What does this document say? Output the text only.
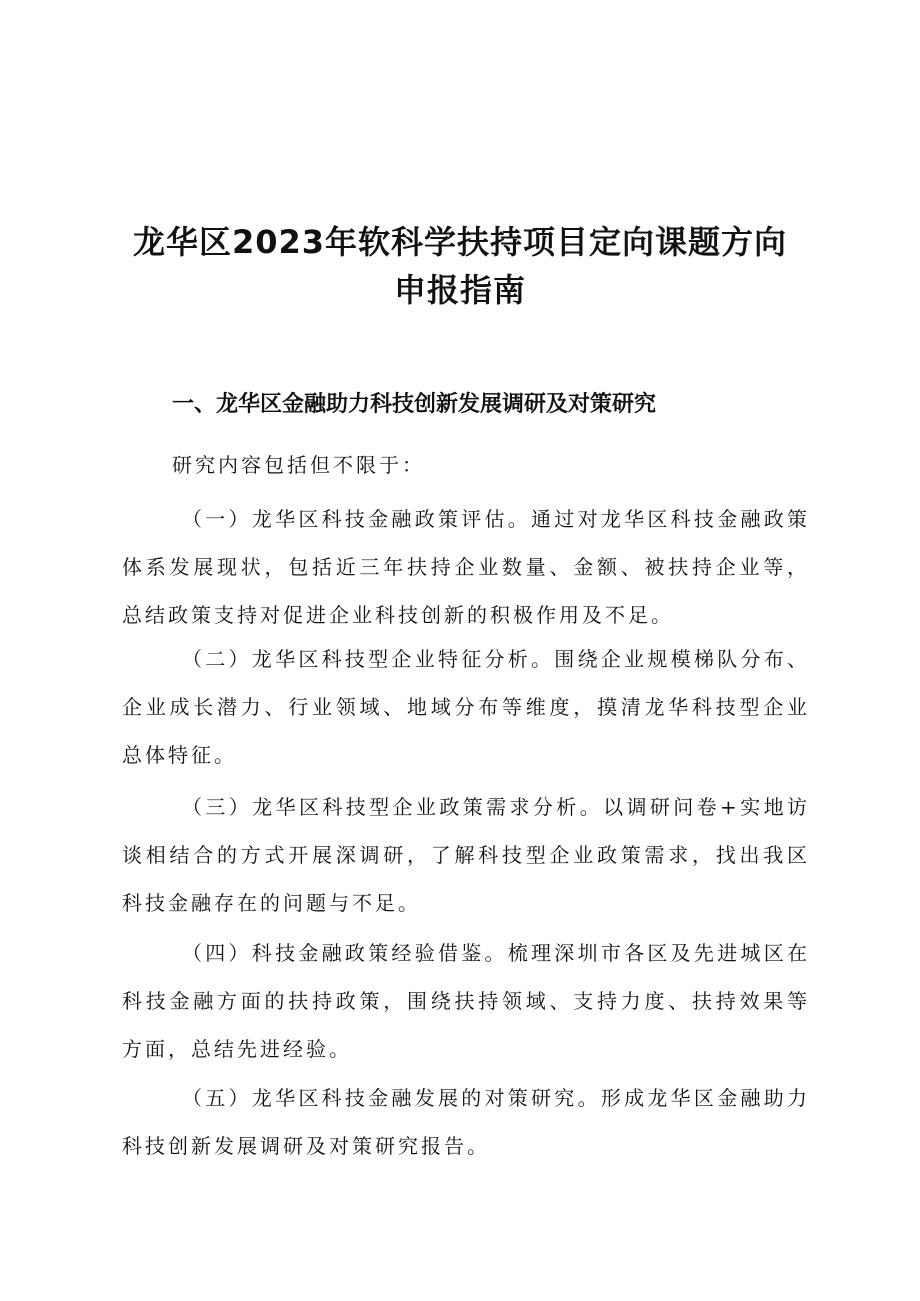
龙华区2023年软科学扶持项目定向课题方向
申报指南
一、龙华区金融助力科技创新发展调研及对策研究
研究内容包括但不限于：
（一）龙华区科技金融政策评估。通过对龙华区科技金融政策体系发展现状，包括近三年扶持企业数量、金额、被扶持企业等，总结政策支持对促进企业科技创新的积极作用及不足。
（二）龙华区科技型企业特征分析。围绕企业规模梯队分布、企业成长潜力、行业领域、地域分布等维度，摸清龙华科技型企业总体特征。
（三）龙华区科技型企业政策需求分析。以调研问卷+实地访谈相结合的方式开展深调研，了解科技型企业政策需求，找出我区科技金融存在的问题与不足。
（四）科技金融政策经验借鉴。梳理深圳市各区及先进城区在科技金融方面的扶持政策，围绕扶持领域、支持力度、扶持效果等方面，总结先进经验。
（五）龙华区科技金融发展的对策研究。形成龙华区金融助力科技创新发展调研及对策研究报告。
